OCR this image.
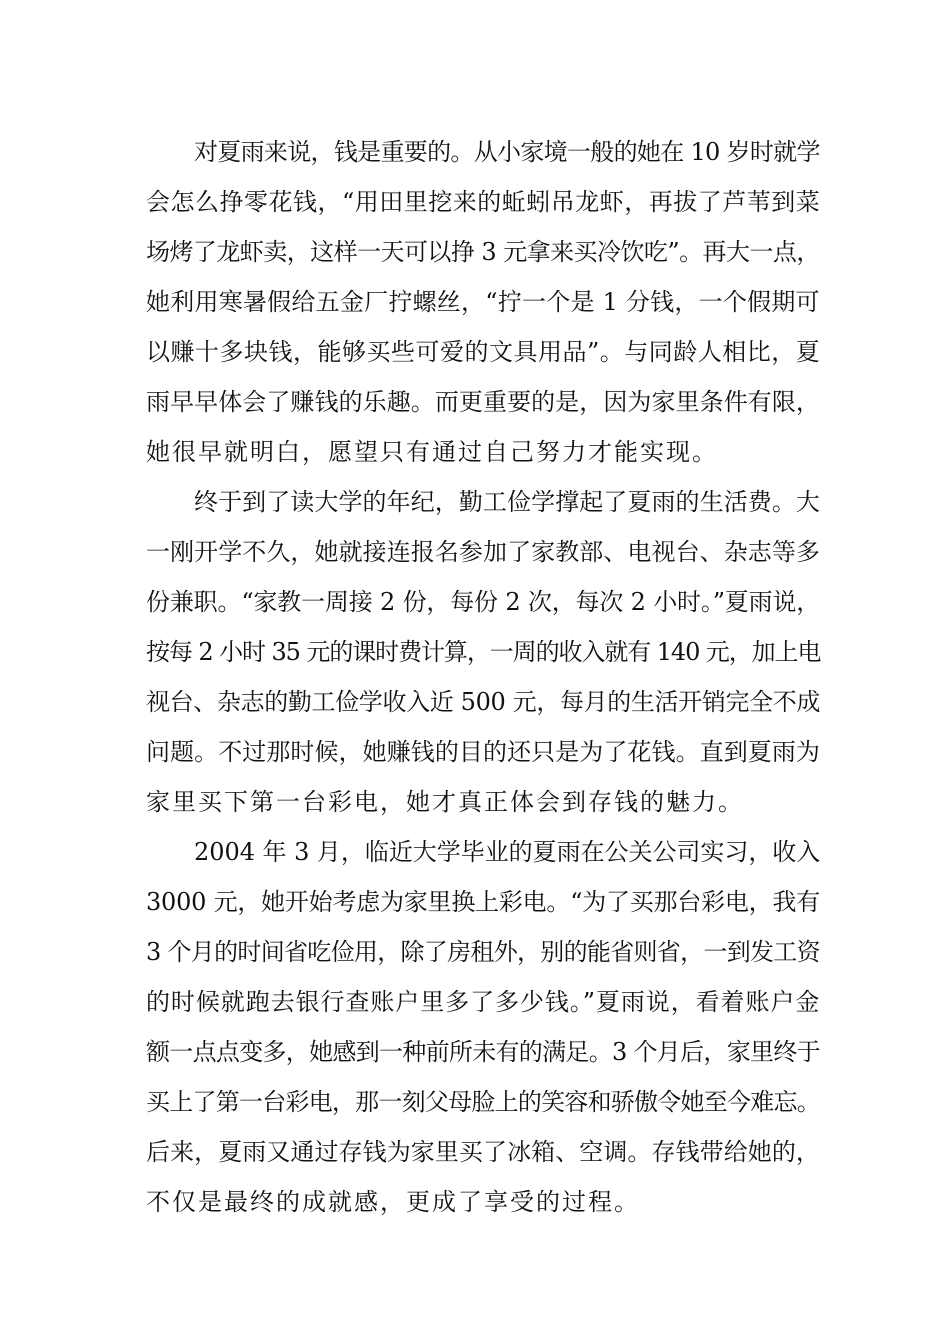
对夏雨来说，钱是重要的。从小家境一般的她在 10 岁时就学
会怎么挣零花钱，“用田里挖来的蚯蚓吊龙虾，再拔了芦苇到菜
场烤了龙虾卖，这样一天可以挣 3 元拿来买冷饮吃”。再大一点，
她利用寒暑假给五金厂拧螺丝，“拧一个是 1 分钱，一个假期可
以赚十多块钱，能够买些可爱的文具用品”。与同龄人相比，夏
雨早早体会了赚钱的乐趣。而更重要的是，因为家里条件有限，
她很早就明白，愿望只有通过自己努力才能实现。
终于到了读大学的年纪，勤工俭学撑起了夏雨的生活费。大
一刚开学不久，她就接连报名参加了家教部、电视台、杂志等多
份兼职。“家教一周接 2 份，每份 2 次，每次 2 小时。”夏雨说，
按每 2 小时 35 元的课时费计算，一周的收入就有 140 元，加上电
视台、杂志的勤工俭学收入近 500 元，每月的生活开销完全不成
问题。不过那时候，她赚钱的目的还只是为了花钱。直到夏雨为
家里买下第一台彩电，她才真正体会到存钱的魅力。
2004 年 3 月，临近大学毕业的夏雨在公关公司实习，收入
3000 元，她开始考虑为家里换上彩电。“为了买那台彩电，我有
3 个月的时间省吃俭用，除了房租外，别的能省则省，一到发工资
的时候就跑去银行查账户里多了多少钱。”夏雨说，看着账户金
额一点点变多，她感到一种前所未有的满足。3 个月后，家里终于
买上了第一台彩电，那一刻父母脸上的笑容和骄傲令她至今难忘。
后来，夏雨又通过存钱为家里买了冰箱、空调。存钱带给她的，
不仅是最终的成就感，更成了享受的过程。
